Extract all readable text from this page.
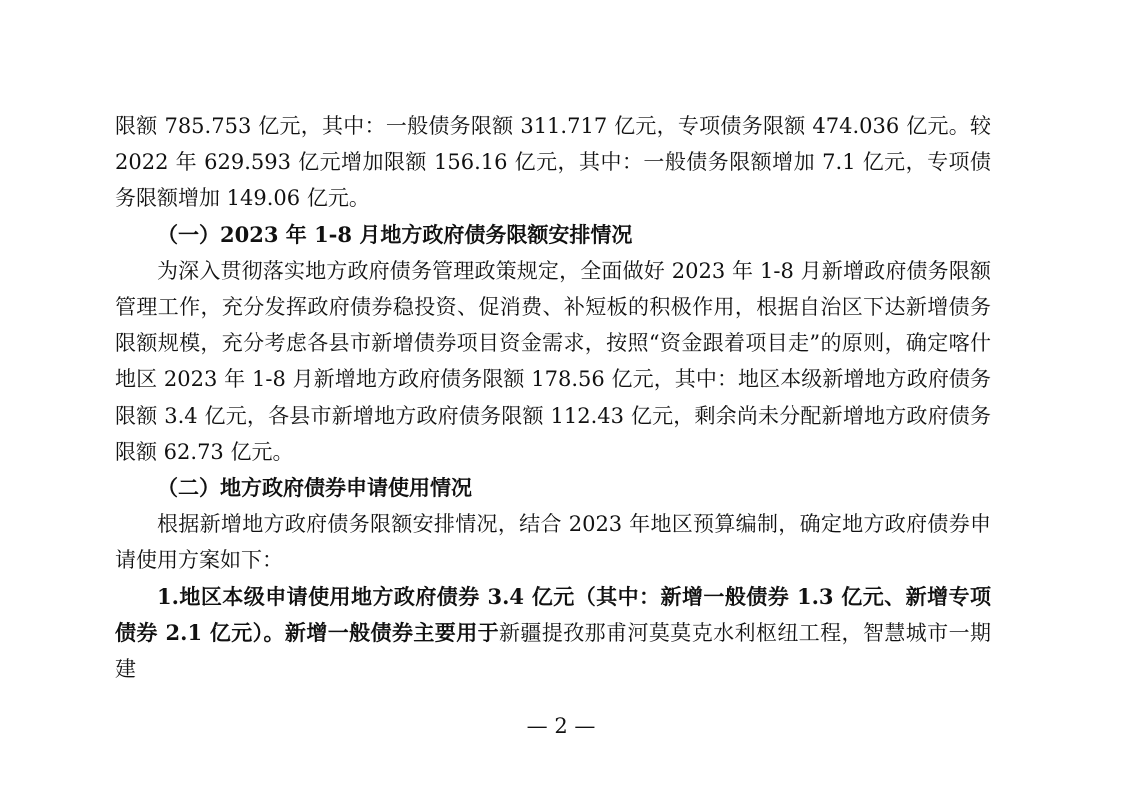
限额 785.753 亿元，其中：一般债务限额 311.717 亿元，专项债务限额 474.036 亿元。较 2022 年 629.593 亿元增加限额 156.16 亿元，其中：一般债务限额增加 7.1 亿元，专项债务限额增加 149.06 亿元。

（一）2023 年 1-8 月地方政府债务限额安排情况

为深入贯彻落实地方政府债务管理政策规定，全面做好 2023 年 1-8 月新增政府债务限额管理工作，充分发挥政府债券稳投资、促消费、补短板的积极作用，根据自治区下达新增债务限额规模，充分考虑各县市新增债券项目资金需求，按照“资金跟着项目走”的原则，确定喀什地区 2023 年 1-8 月新增地方政府债务限额 178.56 亿元，其中：地区本级新增地方政府债务限额 3.4 亿元，各县市新增地方政府债务限额 112.43 亿元，剩余尚未分配新增地方政府债务限额 62.73 亿元。

（二）地方政府债券申请使用情况

根据新增地方政府债务限额安排情况，结合 2023 年地区预算编制，确定地方政府债券申请使用方案如下：

1.地区本级申请使用地方政府债券 3.4 亿元（其中：新增一般债券 1.3 亿元、新增专项债券 2.1 亿元）。新增一般债券主要用于新疆提孜那甫河莫莫克水利枢纽工程，智慧城市一期建

— 2 —
